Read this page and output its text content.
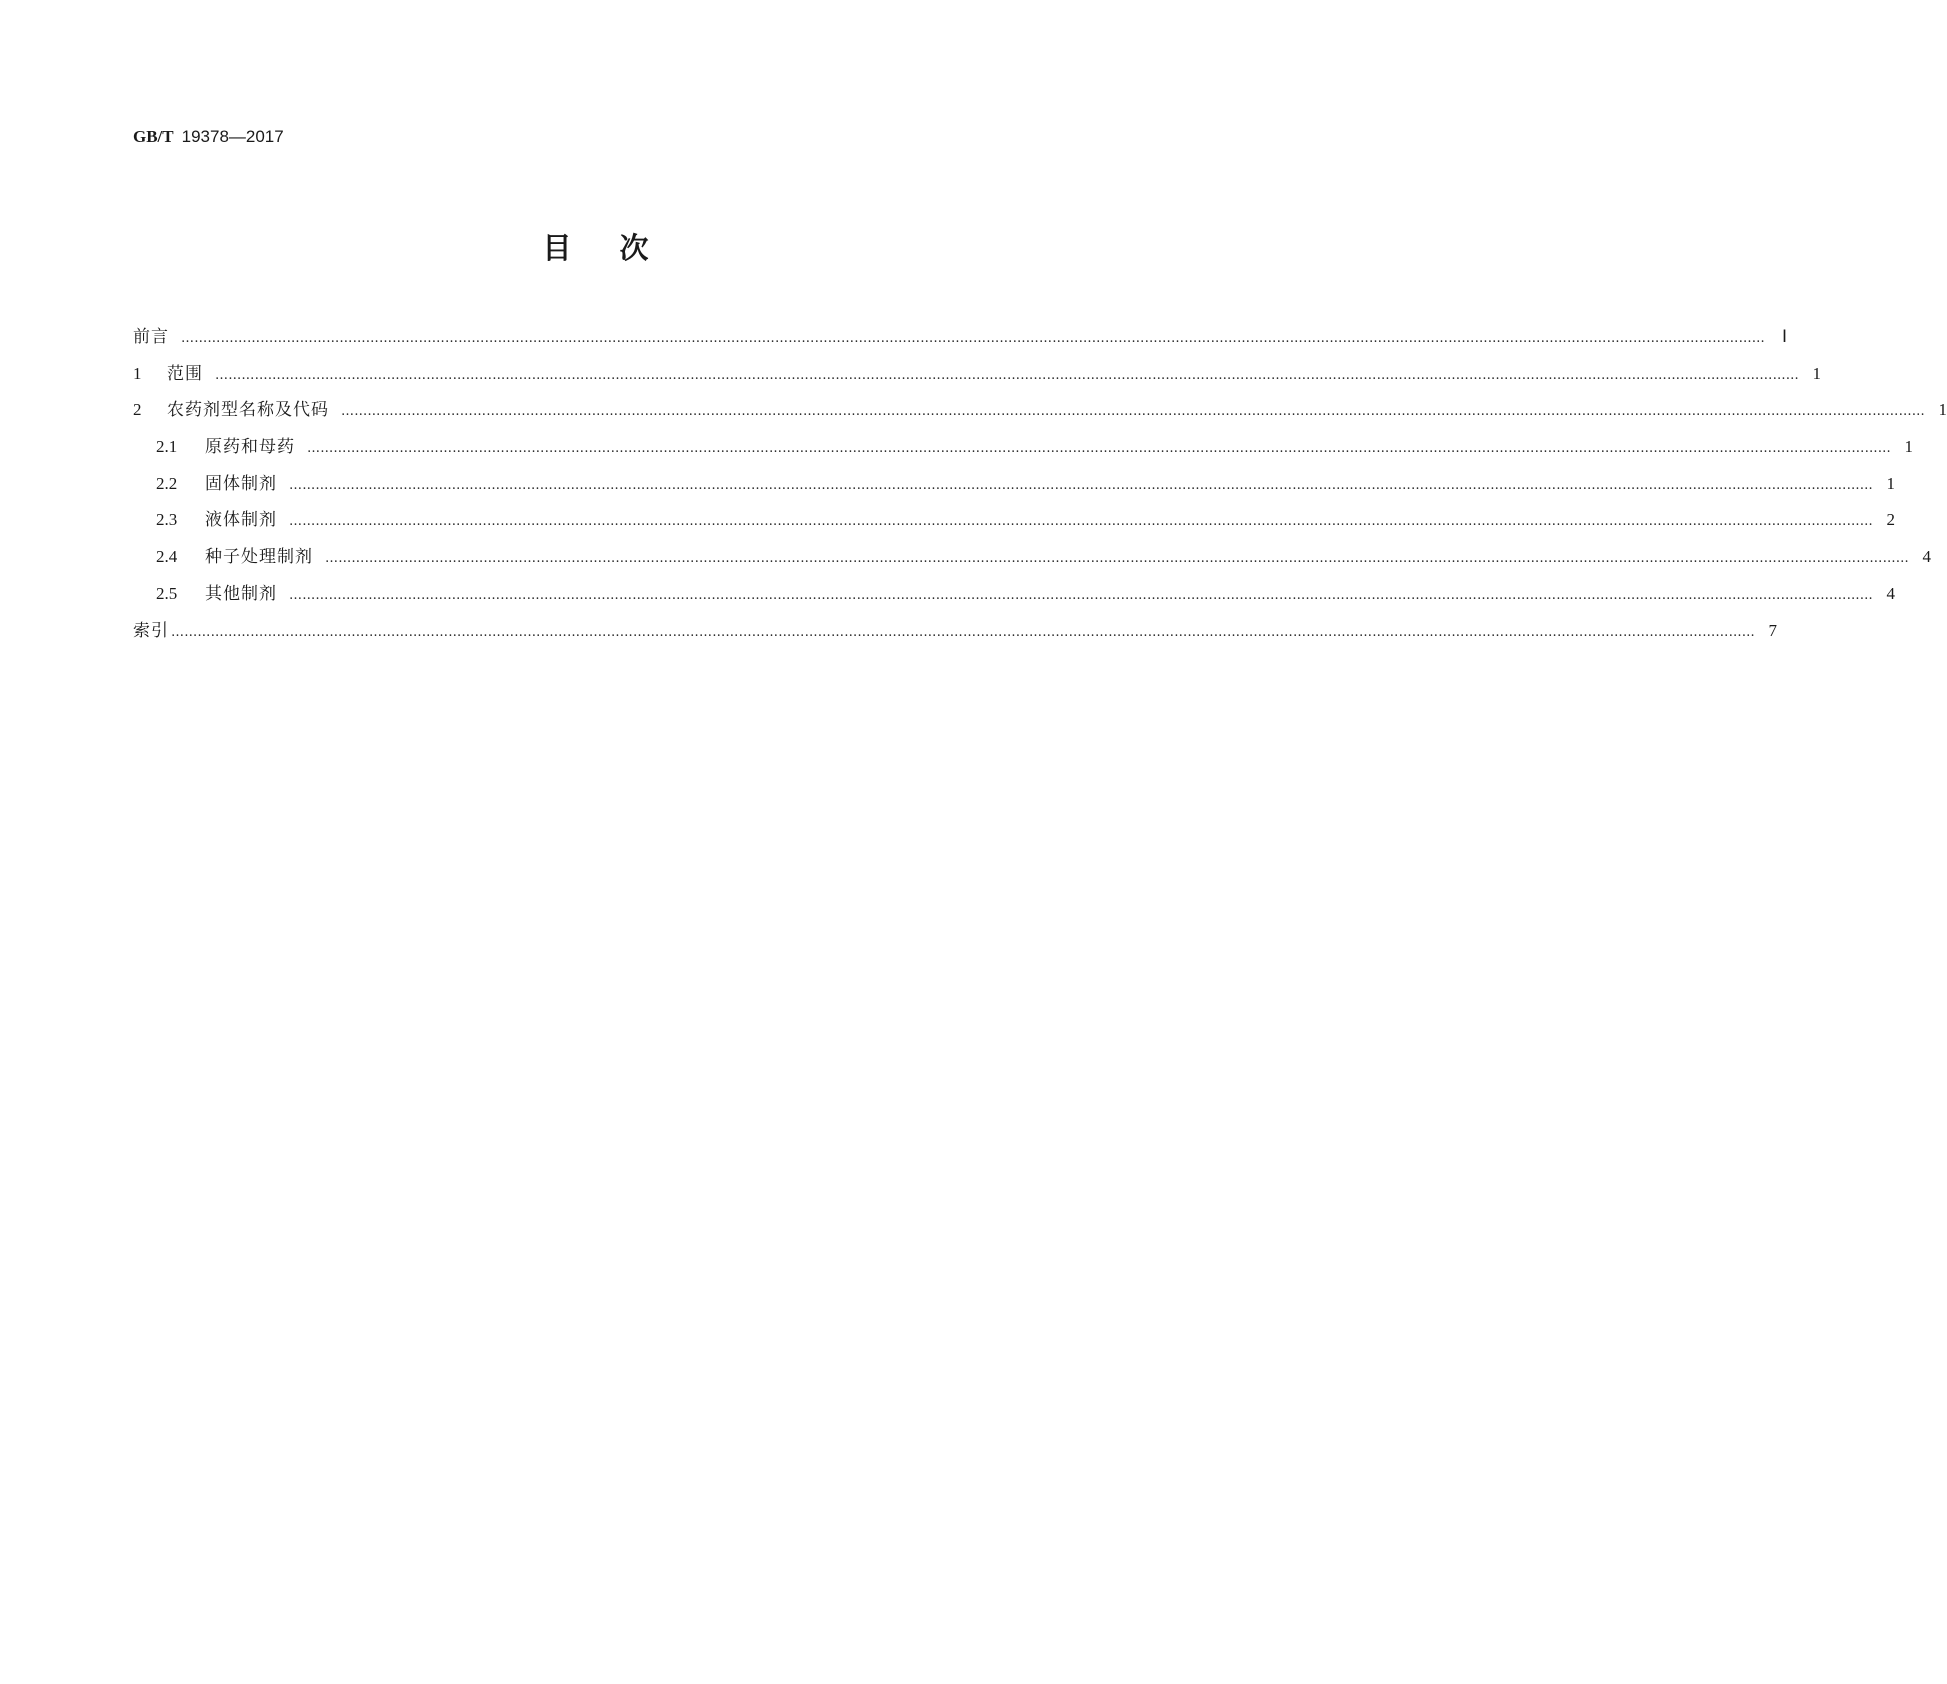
GB/T 19378—2017
目 次
前言 ……………………………………………………………………………………………………………………………………………………………………………………………………………………………………………………………………………………………………………………………… Ⅰ
1	范围 ……………………………………………………………………………………………………………………………………………………………………………………………………………………………………………………………………………………………………………………………… 1
2	农药剂型名称及代码 ……………………………………………………………………………………………………………………………………………………………………………………………………………………………………………………………………………………………………………………………… 1
2.1	原药和母药 ……………………………………………………………………………………………………………………………………………………………………………………………………………………………………………………………………………………………………………………………… 1
2.2	固体制剂 ……………………………………………………………………………………………………………………………………………………………………………………………………………………………………………………………………………………………………………………………… 1
2.3	液体制剂 ……………………………………………………………………………………………………………………………………………………………………………………………………………………………………………………………………………………………………………………………… 2
2.4	种子处理制剂 ……………………………………………………………………………………………………………………………………………………………………………………………………………………………………………………………………………………………………………………………… 4
2.5	其他制剂 ……………………………………………………………………………………………………………………………………………………………………………………………………………………………………………………………………………………………………………………………… 4
索引 ……………………………………………………………………………………………………………………………………………………………………………………………………………………………………………………………………………………………………………………………… 7
